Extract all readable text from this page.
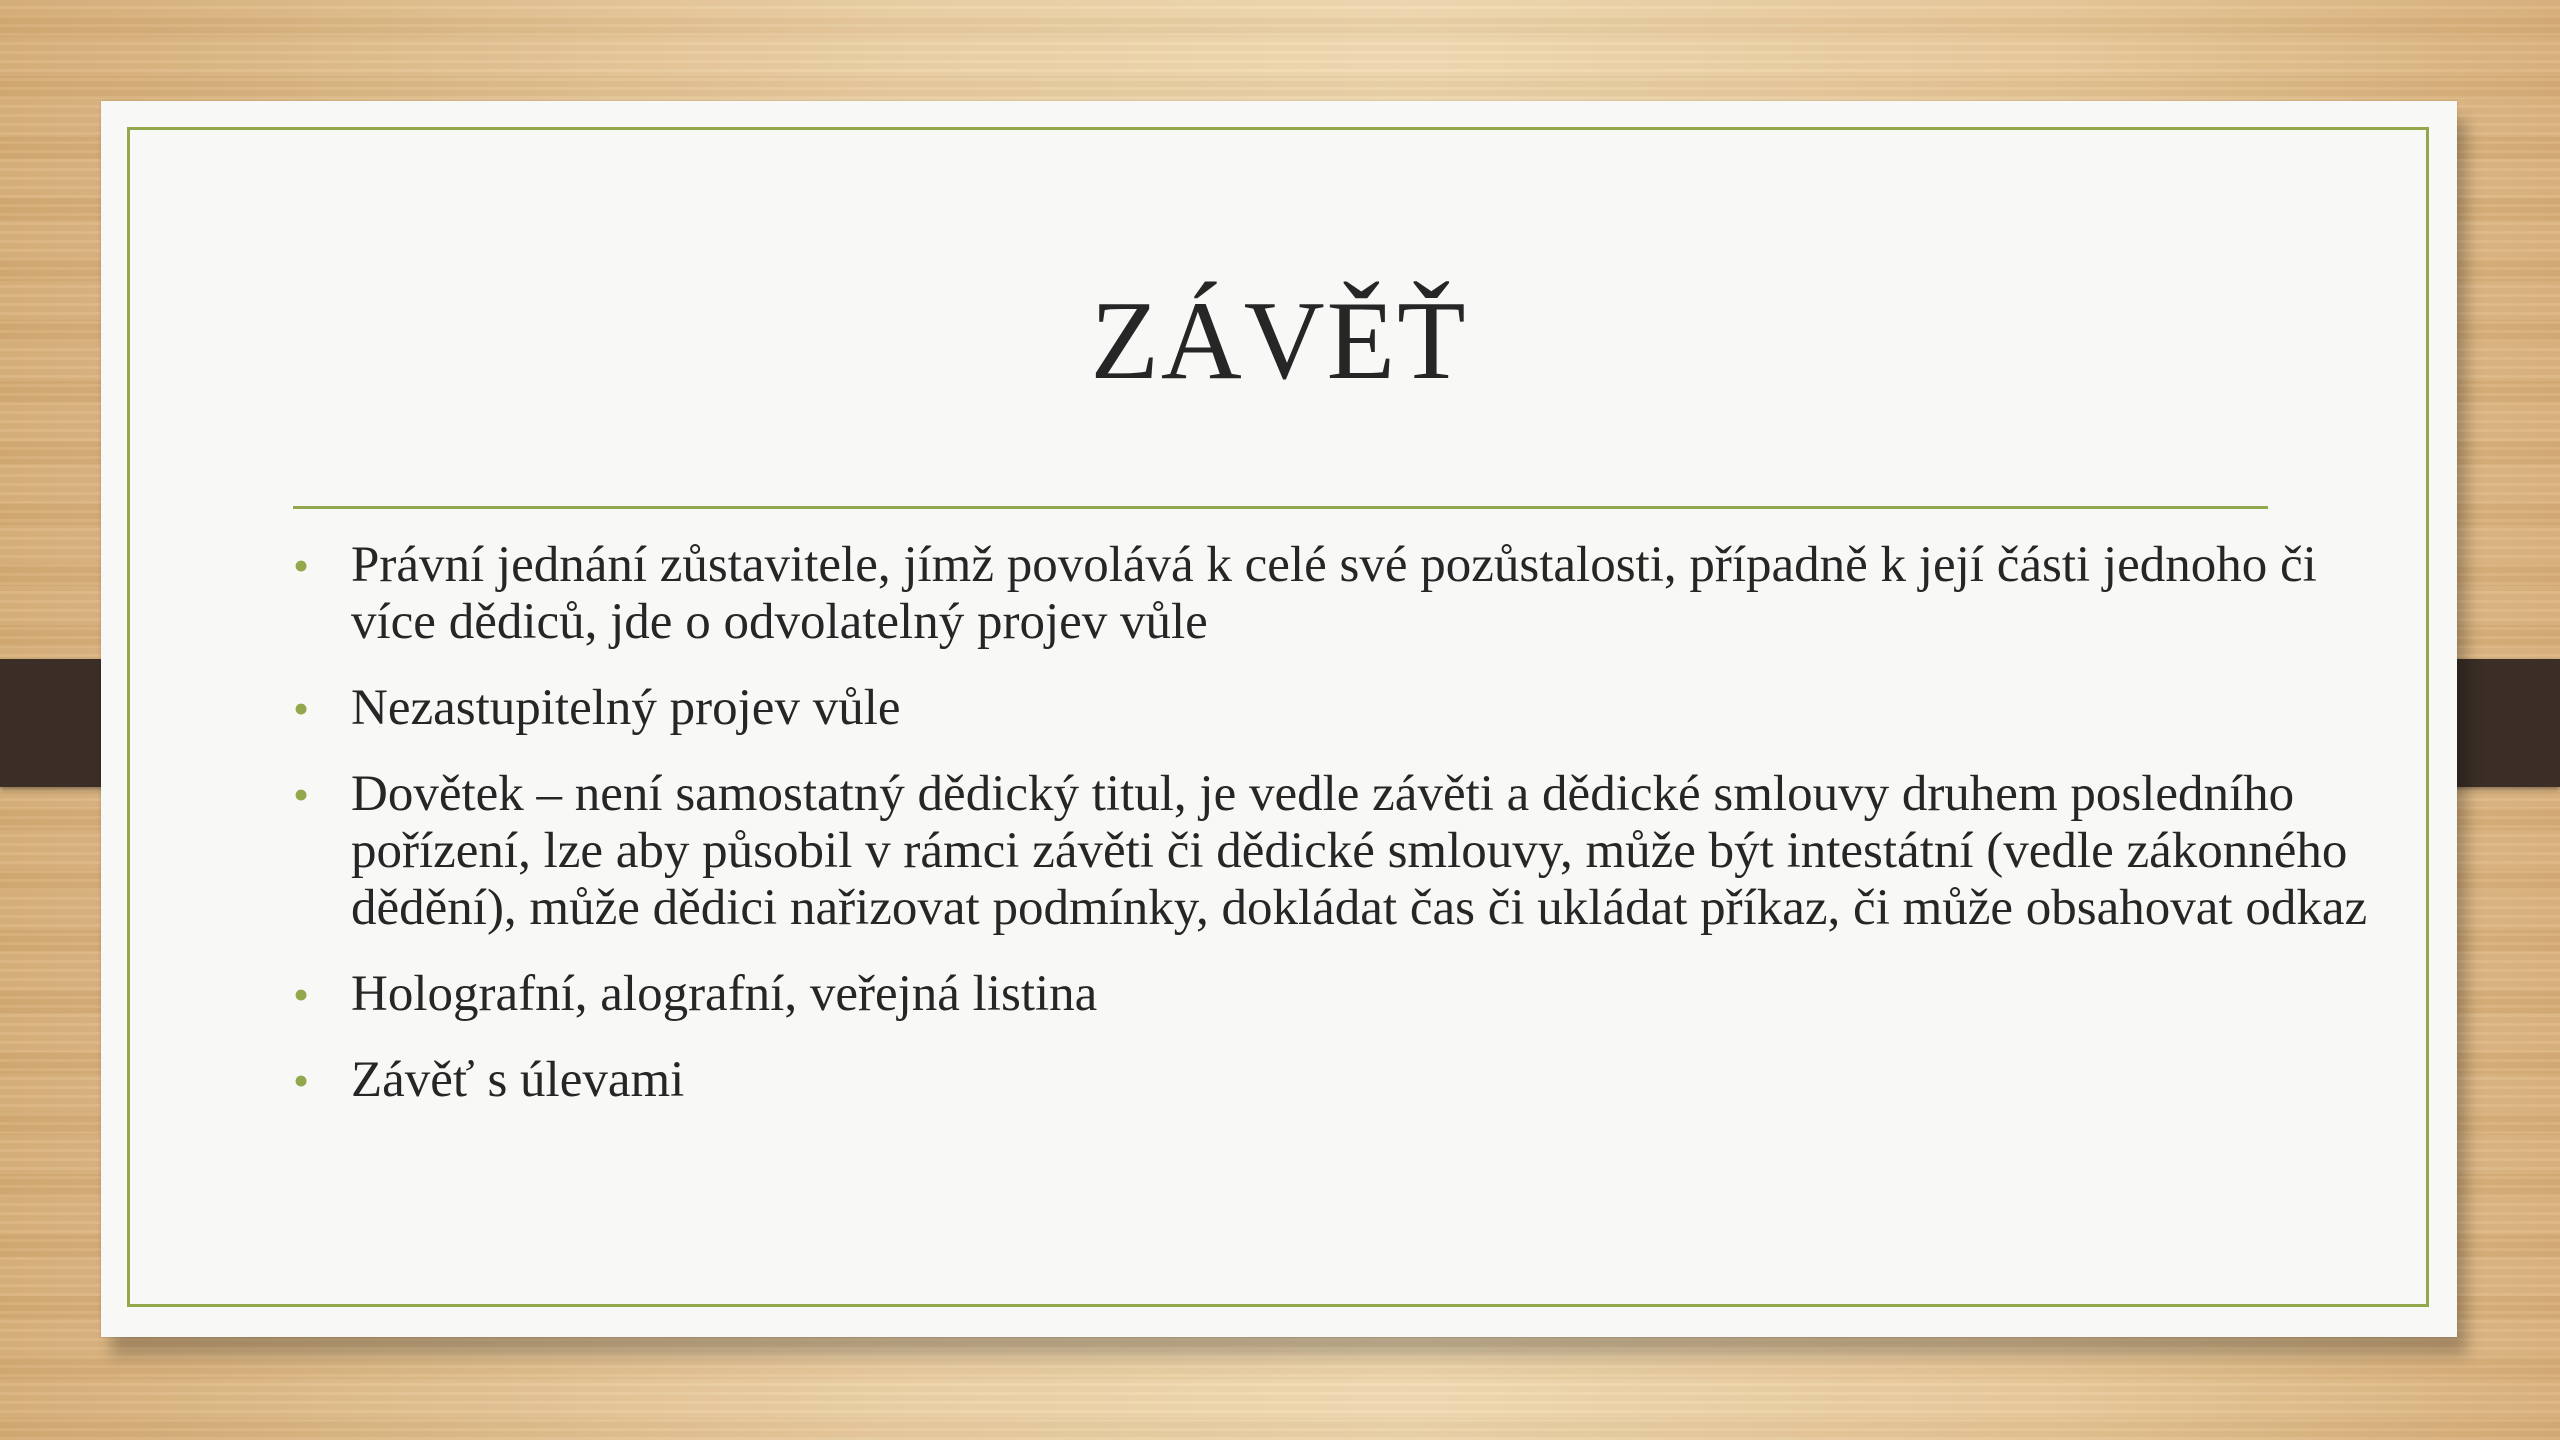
ZÁVĚŤ
• Právní jednání zůstavitele, jímž povolává k celé své pozůstalosti, případně k její části jednoho či více dědiců, jde o odvolatelný projev vůle
• Nezastupitelný projev vůle
• Dovětek – není samostatný dědický titul, je vedle závěti a dědické smlouvy druhem posledního pořízení, lze aby působil v rámci závěti či dědické smlouvy, může být intestátní (vedle zákonného dědění), může dědici nařizovat podmínky, dokládat čas či ukládat příkaz, či může obsahovat odkaz
• Holografní, alografní, veřejná listina
• Závěť s úlevami
